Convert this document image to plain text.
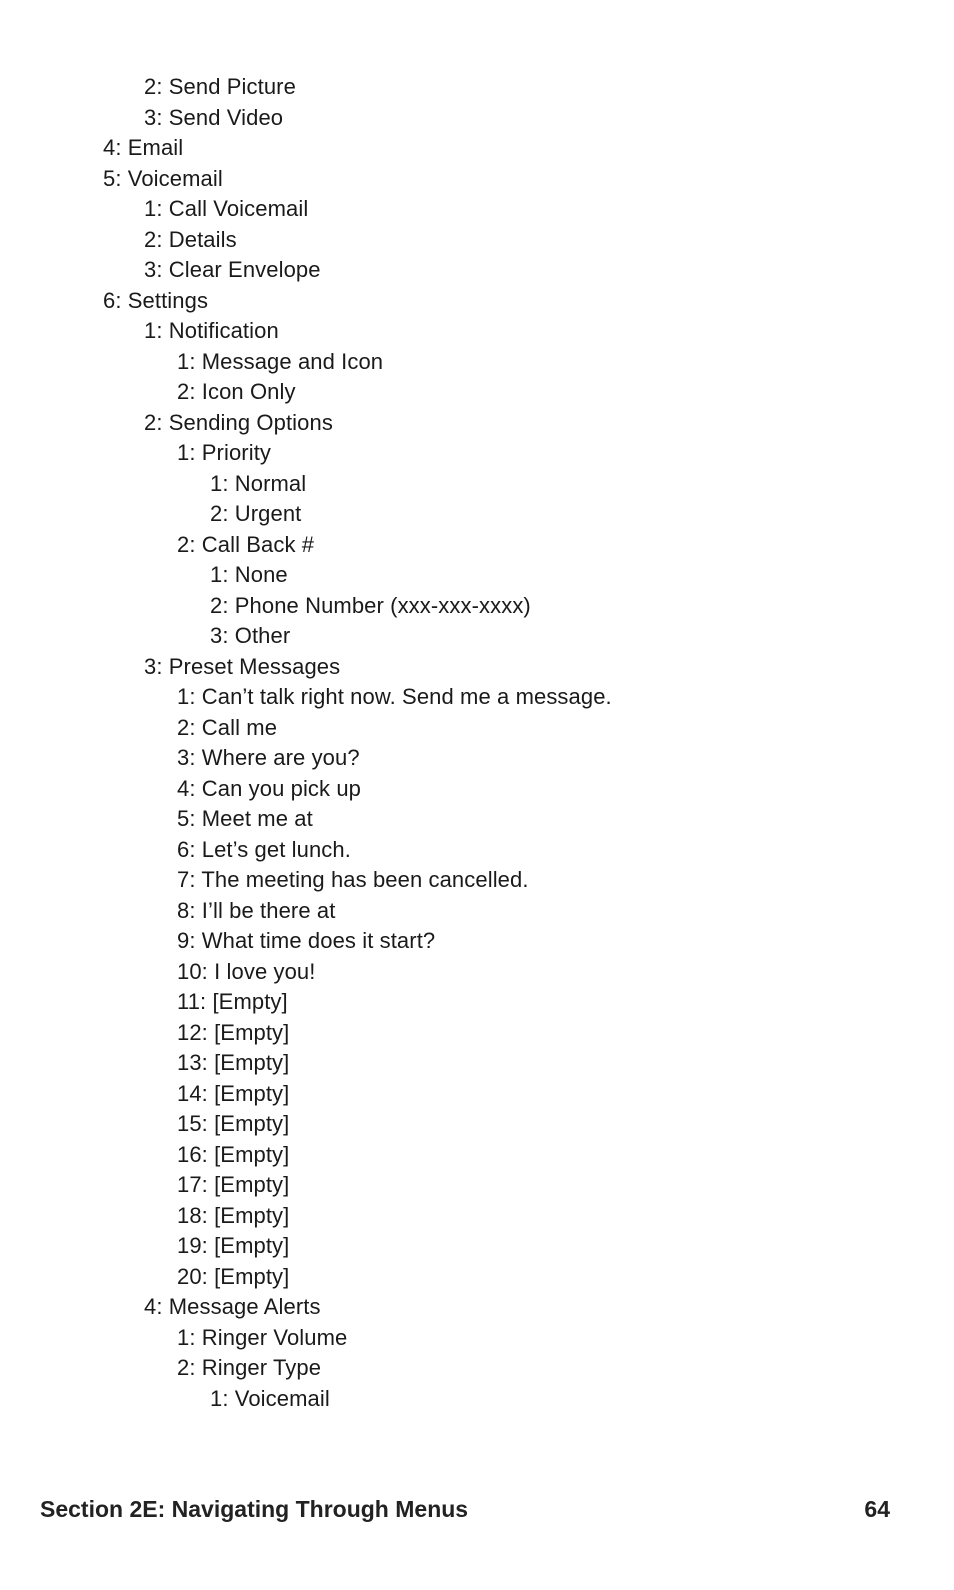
2: Send Picture
3: Send Video
4: Email
5: Voicemail
1: Call Voicemail
2: Details
3: Clear Envelope
6: Settings
1: Notification
1: Message and Icon
2: Icon Only
2: Sending Options
1: Priority
1: Normal
2: Urgent
2: Call Back #
1: None
2: Phone Number (xxx-xxx-xxxx)
3: Other
3: Preset Messages
1: Can’t talk right now. Send me a message.
2: Call me
3: Where are you?
4: Can you pick up
5: Meet me at
6: Let’s get lunch.
7: The meeting has been cancelled.
8: I’ll be there at
9: What time does it start?
10: I love you!
11: [Empty]
12: [Empty]
13: [Empty]
14: [Empty]
15: [Empty]
16: [Empty]
17: [Empty]
18: [Empty]
19: [Empty]
20: [Empty]
4: Message Alerts
1: Ringer Volume
2: Ringer Type
1: Voicemail
Section 2E: Navigating Through Menus	64
